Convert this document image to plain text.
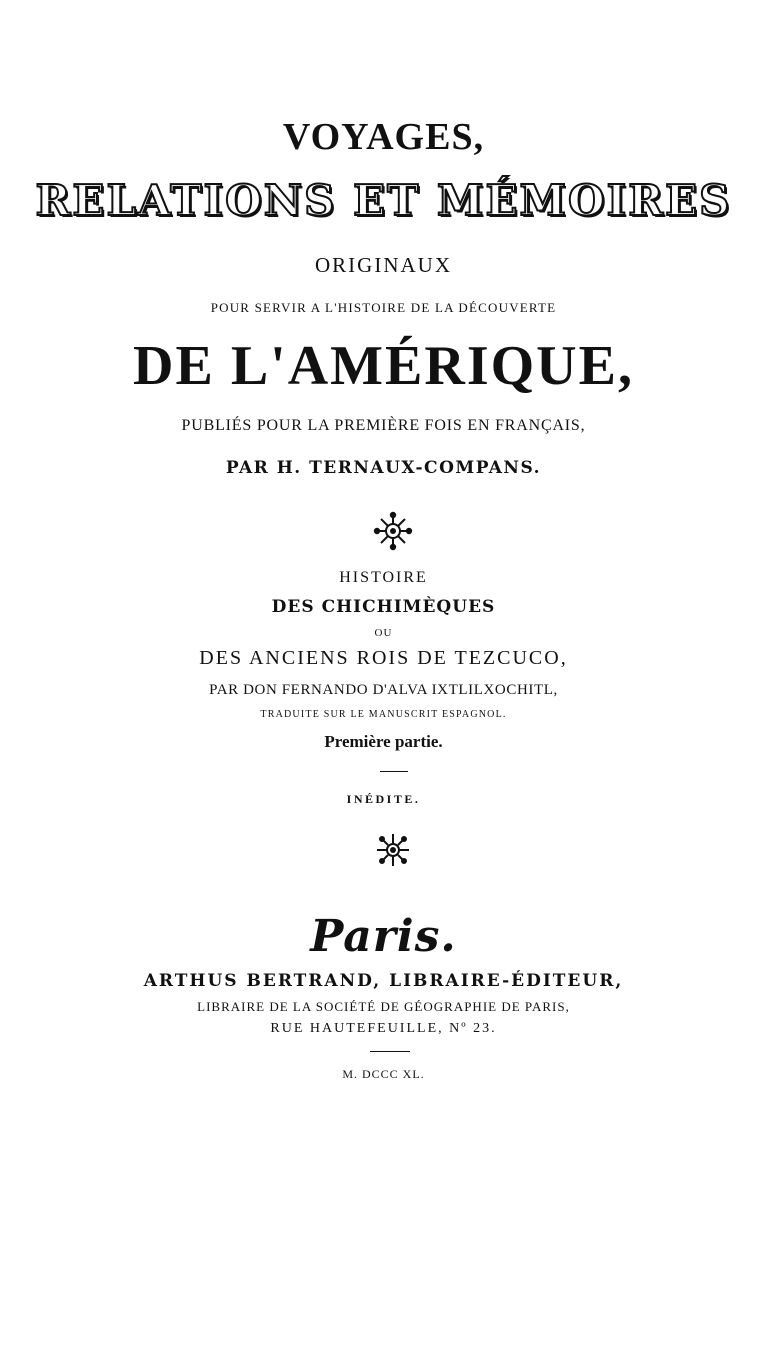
VOYAGES,
RELATIONS ET MÉMOIRES
ORIGINAUX
POUR SERVIR A L'HISTOIRE DE LA DÉCOUVERTE
DE L'AMÉRIQUE,
PUBLIÉS POUR LA PREMIÈRE FOIS EN FRANÇAIS,
PAR H. TERNAUX-COMPANS.
HISTOIRE
DES CHICHIMÈQUES
OU
DES ANCIENS ROIS DE TEZCUCO,
PAR DON FERNANDO D'ALVA IXTLILXOCHITL,
TRADUITE SUR LE MANUSCRIT ESPAGNOL.
Première partie.
INÉDITE.
Paris.
ARTHUS BERTRAND, LIBRAIRE-ÉDITEUR,
LIBRAIRE DE LA SOCIÉTÉ DE GÉOGRAPHIE DE PARIS,
RUE HAUTEFEUILLE, Nº 23.
M. DCCC XL.
